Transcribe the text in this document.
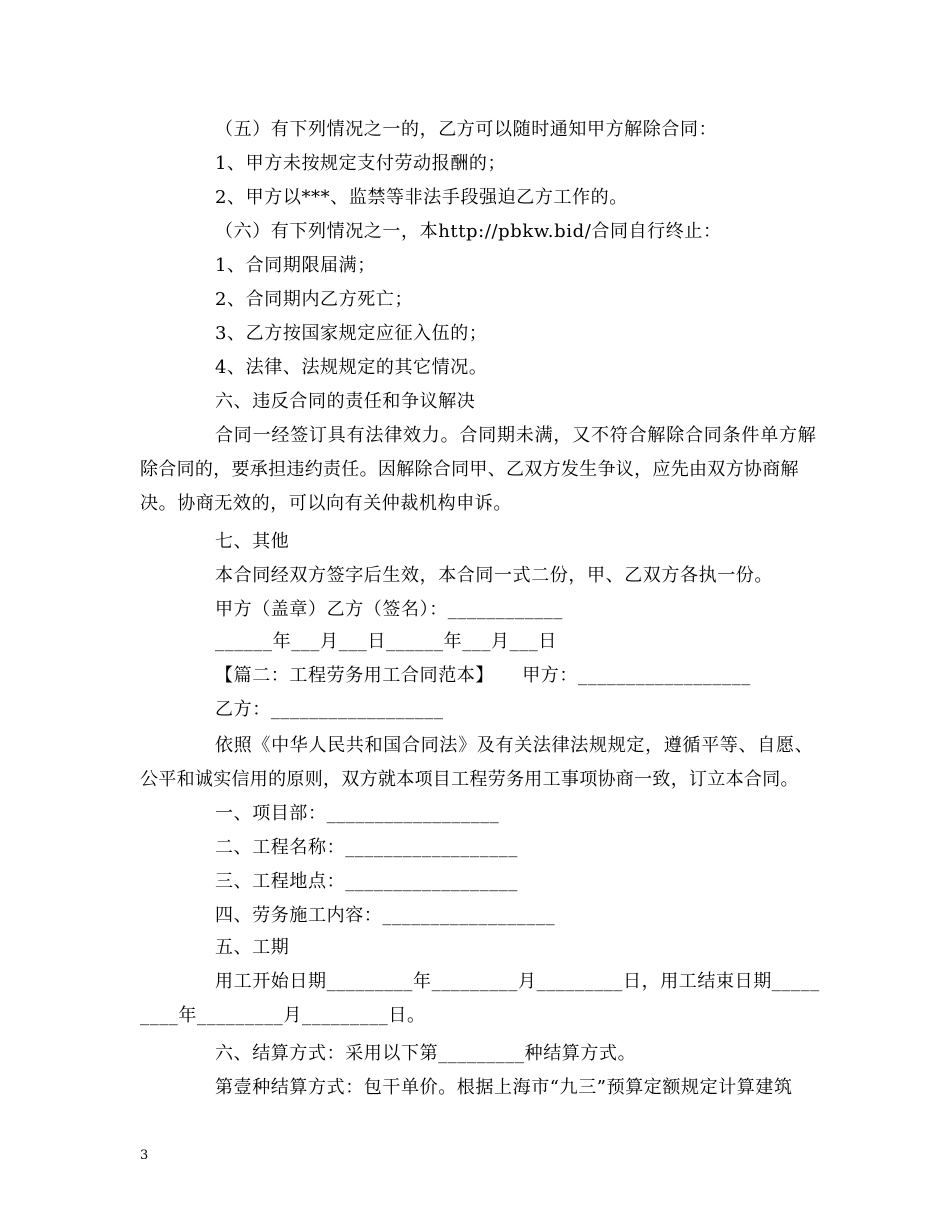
（五）有下列情况之一的，乙方可以随时通知甲方解除合同：
1、甲方未按规定支付劳动报酬的；
2、甲方以***、监禁等非法手段强迫乙方工作的。
（六）有下列情况之一，本http://pbkw.bid/合同自行终止：
1、合同期限届满；
2、合同期内乙方死亡；
3、乙方按国家规定应征入伍的；
4、法律、法规规定的其它情况。
六、违反合同的责任和争议解决
合同一经签订具有法律效力。合同期未满，又不符合解除合同条件单方解
除合同的，要承担违约责任。因解除合同甲、乙双方发生争议，应先由双方协商解
决。协商无效的，可以向有关仲裁机构申诉。
七、其他
本合同经双方签字后生效，本合同一式二份，甲、乙双方各执一份。
甲方（盖章）乙方（签名）：____________
______年___月___日______年___月___日
【篇二：工程劳务用工合同范本】　　甲方：__________________
乙方：__________________
依照《中华人民共和国合同法》及有关法律法规规定，遵循平等、自愿、
公平和诚实信用的原则，双方就本项目工程劳务用工事项协商一致，订立本合同。
一、项目部：__________________
二、工程名称：__________________
三、工程地点：__________________
四、劳务施工内容：__________________
五、工期
用工开始日期_________年_________月_________日，用工结束日期_____
____年_________月_________日。
六、结算方式：采用以下第_________种结算方式。
第壹种结算方式：包干单价。根据上海市“九三”预算定额规定计算建筑
3
